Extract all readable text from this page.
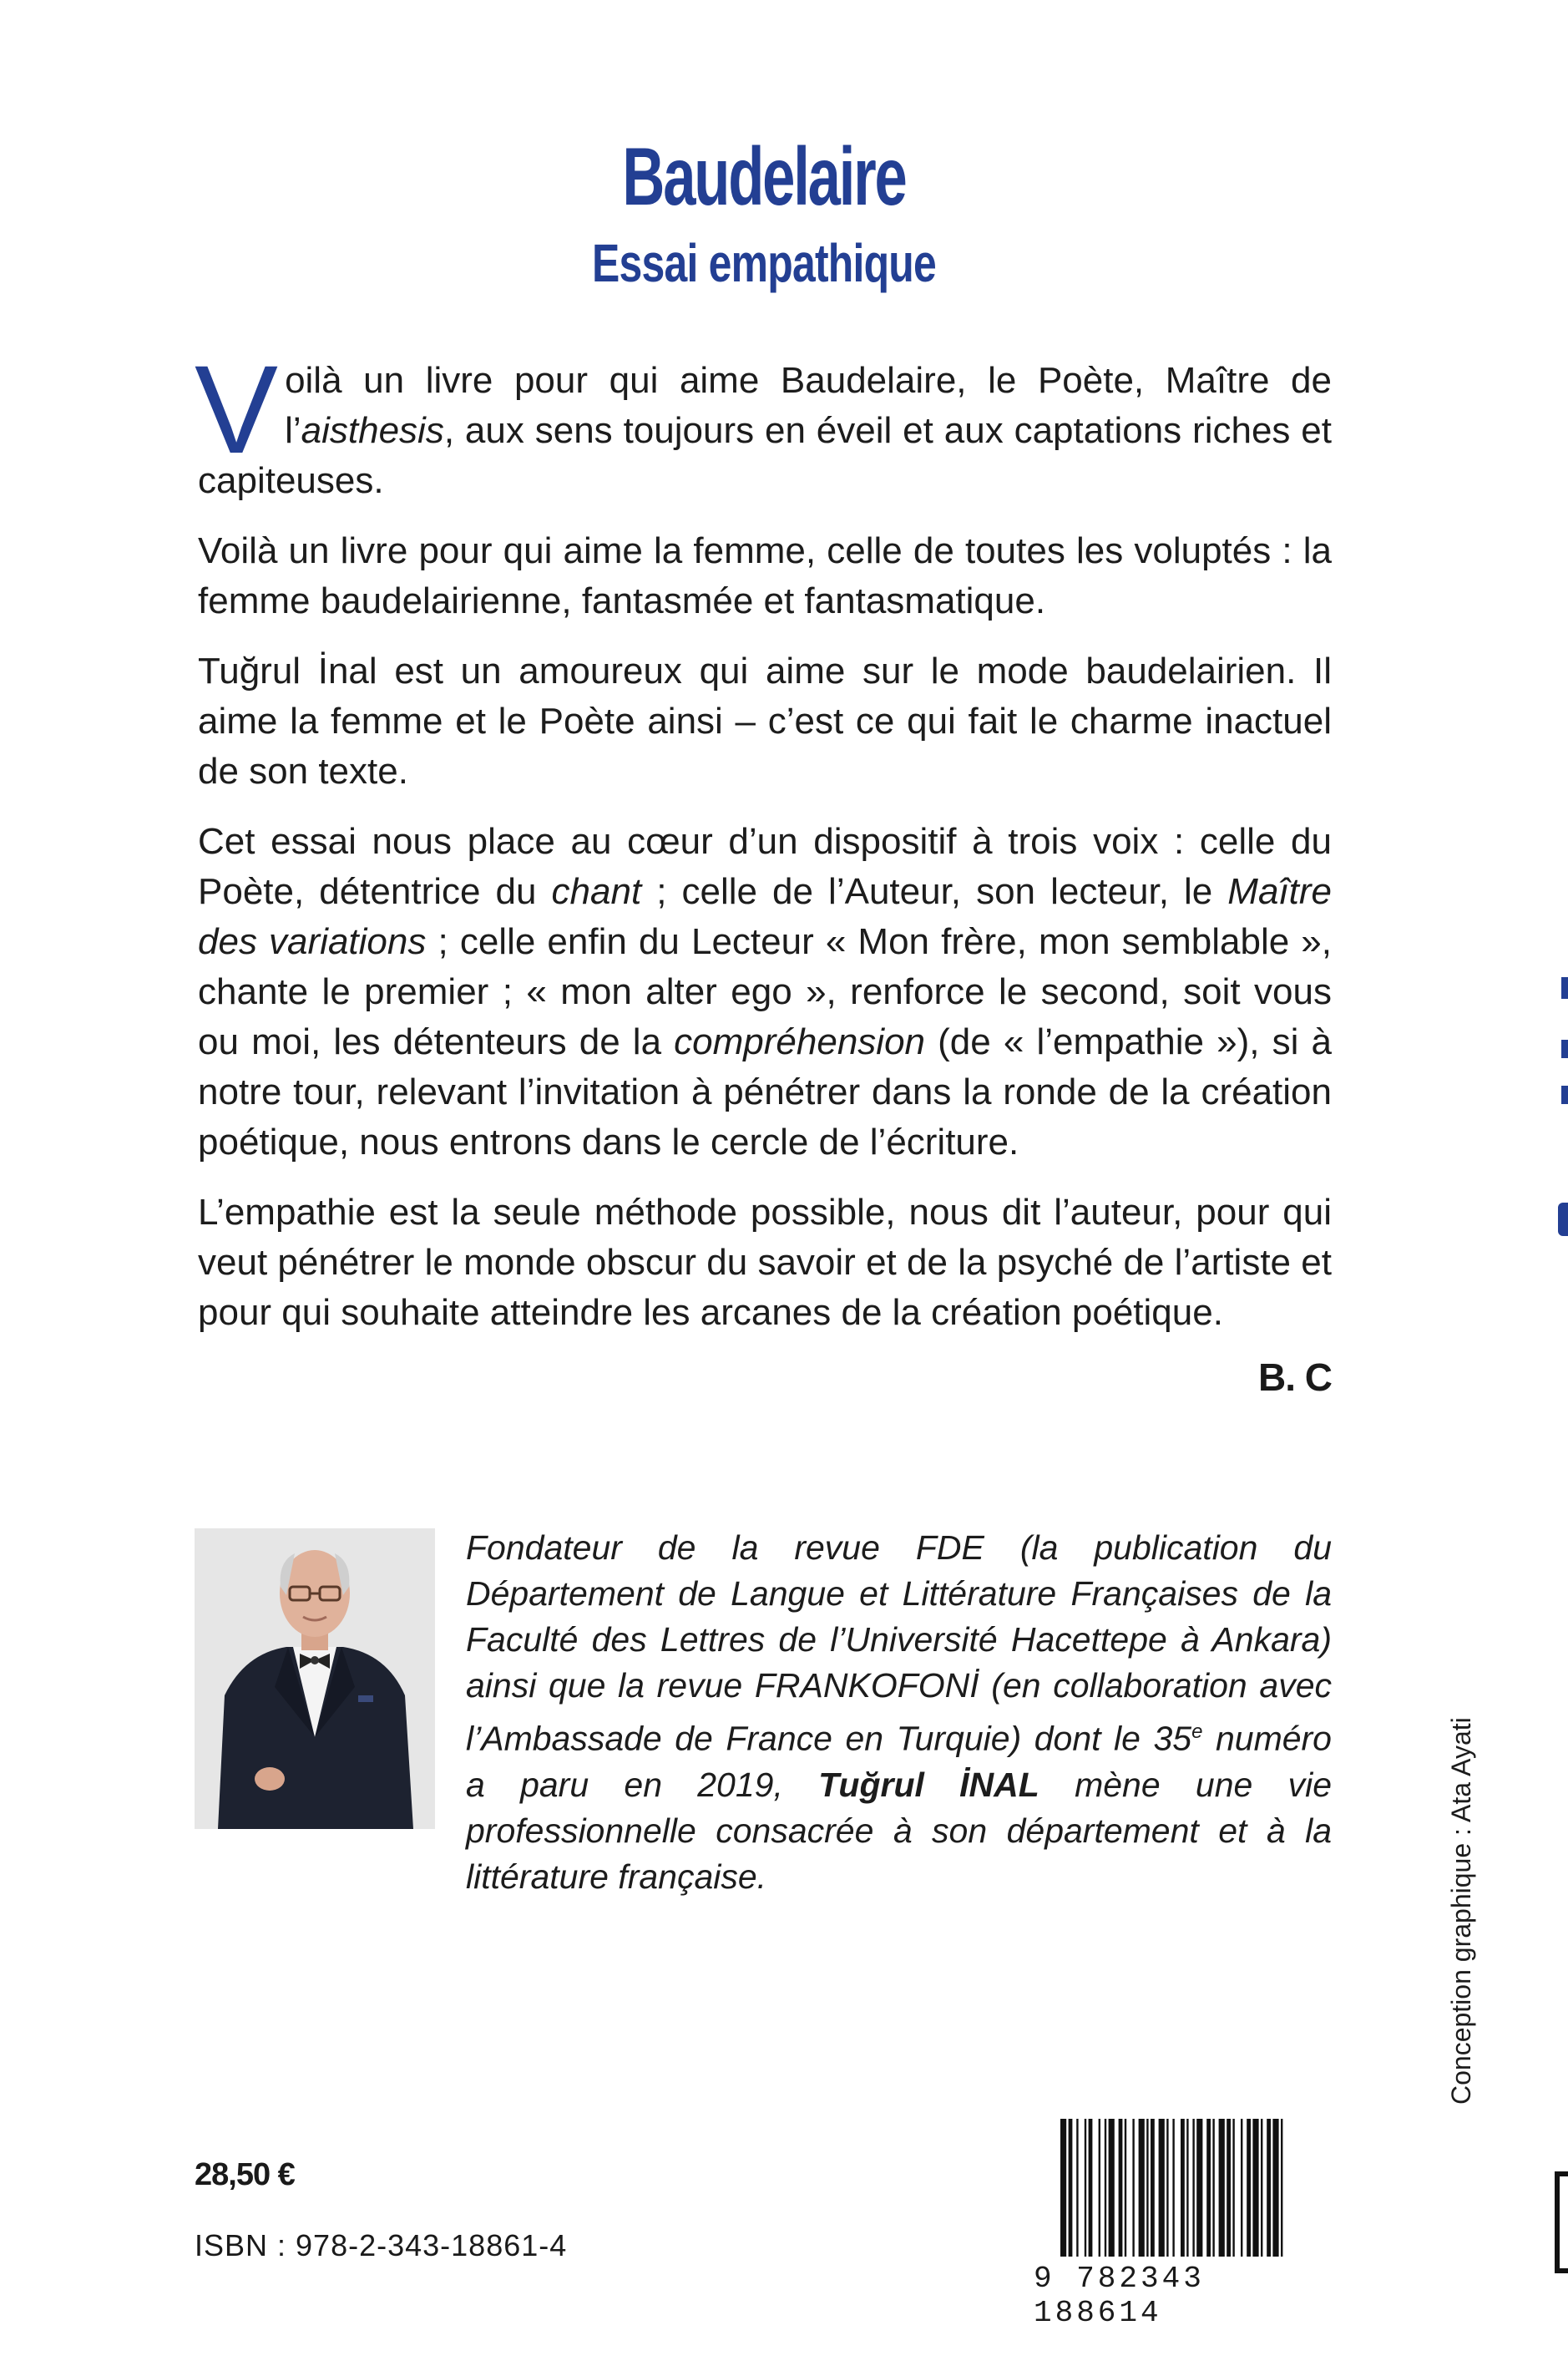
Baudelaire
Essai empathique

Voilà un livre pour qui aime Baudelaire, le Poète, Maître de l’aisthesis, aux sens toujours en éveil et aux captations riches et capiteuses.

Voilà un livre pour qui aime la femme, celle de toutes les voluptés : la femme baudelairienne, fantasmée et fantasmatique.

Tuğrul İnal est un amoureux qui aime sur le mode baudelairien. Il aime la femme et le Poète ainsi – c’est ce qui fait le charme inactuel de son texte.

Cet essai nous place au cœur d’un dispositif à trois voix : celle du Poète, détentrice du chant ; celle de l’Auteur, son lecteur, le Maître des variations ; celle enfin du Lecteur « Mon frère, mon semblable », chante le premier ; « mon alter ego », renforce le second, soit vous ou moi, les détenteurs de la compréhension (de « l’empathie »), si à notre tour, relevant l’invitation à pénétrer dans la ronde de la création poétique, nous entrons dans le cercle de l’écriture.

L’empathie est la seule méthode possible, nous dit l’auteur, pour qui veut pénétrer le monde obscur du savoir et de la psyché de l’artiste et pour qui souhaite atteindre les arcanes de la création poétique.

B. C
Fondateur de la revue FDE (la publication du Département de Langue et Littérature Françaises de la Faculté des Lettres de l’Université Hacettepe à Ankara) ainsi que la revue FRANKOFONİ (en collaboration avec l’Ambassade de France en Turquie) dont le 35e numéro a paru en 2019, Tuğrul İNAL mène une vie professionnelle consacrée à son département et à la littérature française.	Conception graphique : Ata Ayati
28,50 €
ISBN : 978-2-343-18861-4
9 782343 188614
